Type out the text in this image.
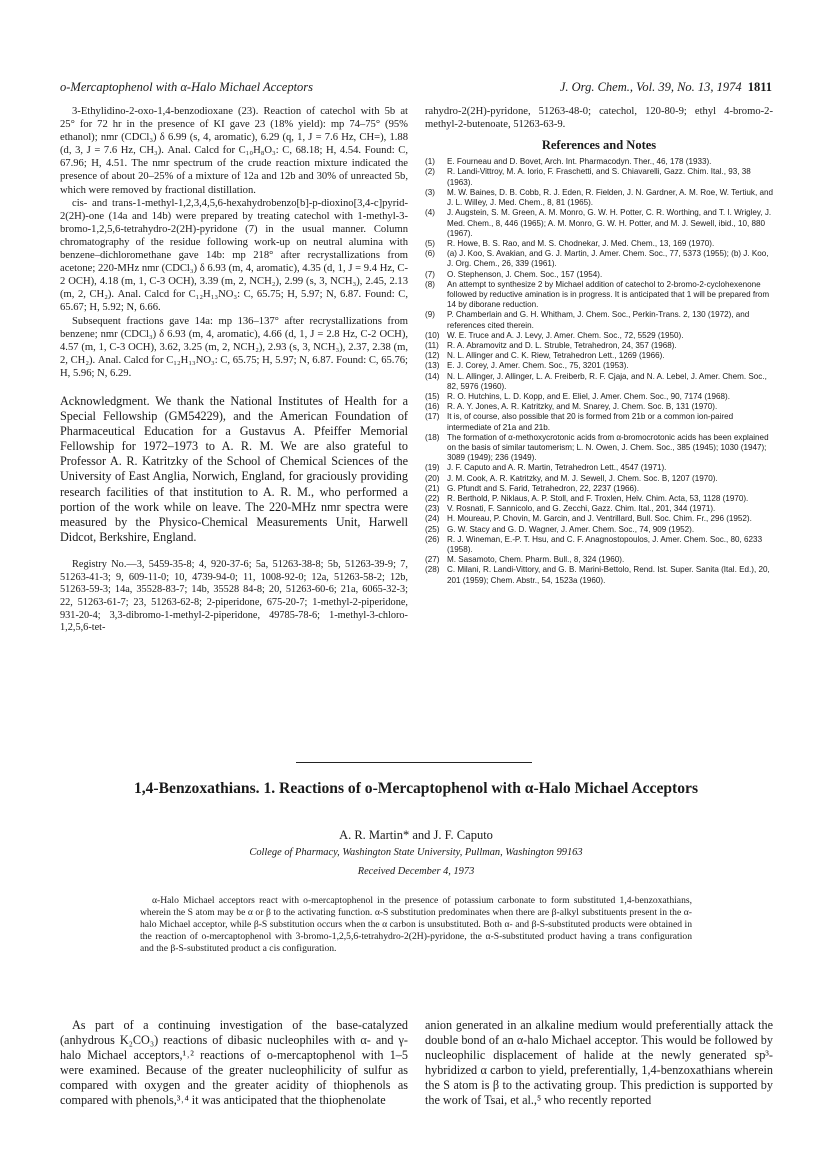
o-Mercaptophenol with α-Halo Michael Acceptors	J. Org. Chem., Vol. 39, No. 13, 1974 1811

3-Ethylidino-2-oxo-1,4-benzodioxane (23). Reaction of catechol with 5b at 25° for 72 hr in the presence of KI gave 23 (18% yield): mp 74–75° (95% ethanol); nmr (CDCl₃) δ 6.99 (s, 4, aromatic), 6.29 (q, 1, J = 7.6 Hz, CH=), 1.88 (d, 3, J = 7.6 Hz, CH₃). Anal. Calcd for C₁₀H₈O₃: C, 68.18; H, 4.54. Found: C, 67.96; H, 4.51. The nmr spectrum of the crude reaction mixture indicated the presence of about 20–25% of a mixture of 12a and 12b and 30% of unreacted 5b, which were removed by fractional distillation.

cis- and trans-1-methyl-1,2,3,4,5,6-hexahydrobenzo[b]-p-dioxino[3,4-c]pyrid-2(2H)-one (14a and 14b) were prepared by treating catechol with 1-methyl-3-bromo-1,2,5,6-tetrahydro-2(2H)-pyridone (7) in the usual manner. Column chromatography of the residue following work-up on neutral alumina with benzene–dichloromethane gave 14b: mp 218° after recrystallizations from acetone; 220-MHz nmr (CDCl₃) δ 6.93 (m, 4, aromatic), 4.35 (d, 1, J = 9.4 Hz, C-2 OCH), 4.18 (m, 1, C-3 OCH), 3.39 (m, 2, NCH₂), 2.99 (s, 3, NCH₃), 2.45, 2.13 (m, 2, CH₂). Anal. Calcd for C₁₂H₁₃NO₃: C, 65.75; H, 5.97; N, 6.87. Found: C, 65.67; H, 5.92; N, 6.66.

Subsequent fractions gave 14a: mp 136–137° after recrystallizations from benzene; nmr (CDCl₃) δ 6.93 (m, 4, aromatic), 4.66 (d, 1, J = 2.8 Hz, C-2 OCH), 4.57 (m, 1, C-3 OCH), 3.62, 3.25 (m, 2, NCH₂), 2.93 (s, 3, NCH₃), 2.37, 2.38 (m, 2, CH₂). Anal. Calcd for C₁₂H₁₃NO₃: C, 65.75; H, 5.97; N, 6.87. Found: C, 65.76; H, 5.96; N, 6.29.

Acknowledgment. We thank the National Institutes of Health for a Special Fellowship (GM54229), and the American Foundation of Pharmaceutical Education for a Gustavus A. Pfeiffer Memorial Fellowship for 1972–1973 to A. R. M. We are also grateful to Professor A. R. Katritzky of the School of Chemical Sciences of the University of East Anglia, Norwich, England, for graciously providing research facilities of that institution to A. R. M., who performed a portion of the work while on leave. The 220-MHz nmr spectra were measured by the Physico-Chemical Measurements Unit, Harwell Didcot, Berkshire, England.

Registry No.—3, 5459-35-8; 4, 920-37-6; 5a, 51263-38-8; 5b, 51263-39-9; 7, 51263-41-3; 9, 609-11-0; 10, 4739-94-0; 11, 1008-92-0; 12a, 51263-58-2; 12b, 51263-59-3; 14a, 35528-83-7; 14b, 35528 84-8; 20, 51263-60-6; 21a, 6065-32-3; 22, 51263-61-7; 23, 51263-62-8; 2-piperidone, 675-20-7; 1-methyl-2-piperidone, 931-20-4; 3,3-dibromo-1-methyl-2-piperidone, 49785-78-6; 1-methyl-3-chloro-1,2,5,6-tet-

rahydro-2(2H)-pyridone, 51263-48-0; catechol, 120-80-9; ethyl 4-bromo-2-methyl-2-butenoate, 51263-63-9.
References and Notes
(1)	E. Fourneau and D. Bovet, Arch. Int. Pharmacodyn. Ther., 46, 178 (1933).
(2)	R. Landi-Vittroy, M. A. Iorio, F. Fraschetti, and S. Chiavarelli, Gazz. Chim. Ital., 93, 38 (1963).
(3)	M. W. Baines, D. B. Cobb, R. J. Eden, R. Fielden, J. N. Gardner, A. M. Roe, W. Tertiuk, and J. L. Willey, J. Med. Chem., 8, 81 (1965).
(4)	J. Augstein, S. M. Green, A. M. Monro, G. W. H. Potter, C. R. Worthing, and T. I. Wrigley, J. Med. Chem., 8, 446 (1965); A. M. Monro, G. W. H. Potter, and M. J. Sewell, ibid., 10, 880 (1967).
(5)	R. Howe, B. S. Rao, and M. S. Chodnekar, J. Med. Chem., 13, 169 (1970).
(6)	(a) J. Koo, S. Avakian, and G. J. Martin, J. Amer. Chem. Soc., 77, 5373 (1955); (b) J. Koo, J. Org. Chem., 26, 339 (1961).
(7)	O. Stephenson, J. Chem. Soc., 157 (1954).
(8)	An attempt to synthesize 2 by Michael addition of catechol to 2-bromo-2-cyclohexenone followed by reductive amination is in progress. It is anticipated that 1 will be prepared from 14 by diborane reduction.
(9)	P. Chamberlain and G. H. Whitham, J. Chem. Soc., Perkin-Trans. 2, 130 (1972), and references cited therein.
(10) W. E. Truce and A. J. Levy, J. Amer. Chem. Soc., 72, 5529 (1950).
(11)	R. A. Abramovitz and D. L. Struble, Tetrahedron, 24, 357 (1968).
(12) N. L. Allinger and C. K. Riew, Tetrahedron Lett., 1269 (1966).
(13) E. J. Corey, J. Amer. Chem. Soc., 75, 3201 (1953).
(14) N. L. Allinger, J. Allinger, L. A. Freiberb, R. F. Cjaja, and N. A. Lebel, J. Amer. Chem. Soc., 82, 5976 (1960).
(15) R. O. Hutchins, L. D. Kopp, and E. Eliel, J. Amer. Chem. Soc., 90, 7174 (1968).
(16) R. A. Y. Jones, A. R. Katritzky, and M. Snarey, J. Chem. Soc. B, 131 (1970).
(17) It is, of course, also possible that 20 is formed from 21b or a common ion-paired intermediate of 21a and 21b.
(18) The formation of α-methoxycrotonic acids from α-bromocrotonic acids has been explained on the basis of similar tautomerism; L. N. Owen, J. Chem. Soc., 385 (1945); 1030 (1947); 3089 (1949); 236 (1949).
(19) J. F. Caputo and A. R. Martin, Tetrahedron Lett., 4547 (1971).
(20) J. M. Cook, A. R. Katritzky, and M. J. Sewell, J. Chem. Soc. B, 1207 (1970).
(21) G. Pfundt and S. Farid, Tetrahedron, 22, 2237 (1966).
(22) R. Berthold, P. Niklaus, A. P. Stoll, and F. Troxlen, Helv. Chim. Acta, 53, 1128 (1970).
(23) V. Rosnati, F. Sannicolo, and G. Zecchi, Gazz. Chim. Ital., 201, 344 (1971).
(24) H. Moureau, P. Chovin, M. Garcin, and J. Ventrillard, Bull. Soc. Chim. Fr., 296 (1952).
(25) G. W. Stacy and G. D. Wagner, J. Amer. Chem. Soc., 74, 909 (1952).
(26) R. J. Wineman, E.-P. T. Hsu, and C. F. Anagnostopoulos, J. Amer. Chem. Soc., 80, 6233 (1958).
(27) M. Sasamoto, Chem. Pharm. Bull., 8, 324 (1960).
(28) C. Milani, R. Landi-Vittory, and G. B. Marini-Bettolo, Rend. Ist. Super. Sanita (Ital. Ed.), 20, 201 (1959); Chem. Abstr., 54, 1523a (1960).
1,4-Benzoxathians. 1. Reactions of o-Mercaptophenol with α-Halo Michael Acceptors
A. R. Martin* and J. F. Caputo
College of Pharmacy, Washington State University, Pullman, Washington 99163
Received December 4, 1973

α-Halo Michael acceptors react with o-mercaptophenol in the presence of potassium carbonate to form substituted 1,4-benzoxathians, wherein the S atom may be α or β to the activating function. α-S substitution predominates when there are β-alkyl substituents present in the α-halo Michael acceptor, while β-S substitution occurs when the α carbon is unsubstituted. Both α- and β-S-substituted products were obtained in the reaction of o-mercaptophenol with 3-bromo-1,2,5,6-tetrahydro-2(2H)-pyridone, the α-S-substituted product having a trans configuration and the β-S-substituted product a cis configuration.

As part of a continuing investigation of the base-catalyzed (anhydrous K₂CO₃) reactions of dibasic nucleophiles with α- and γ-halo Michael acceptors,¹˒² reactions of o-mercaptophenol with 1–5 were examined. Because of the greater nucleophilicity of sulfur as compared with oxygen and the greater acidity of thiophenols as compared with phenols,³˒⁴ it was anticipated that the thiophenolate

anion generated in an alkaline medium would preferentially attack the double bond of an α-halo Michael acceptor. This would be followed by nucleophilic displacement of halide at the newly generated sp³-hybridized α carbon to yield, preferentially, 1,4-benzoxathians wherein the S atom is β to the activating group. This prediction is supported by the work of Tsai, et al.,⁵ who recently reported
